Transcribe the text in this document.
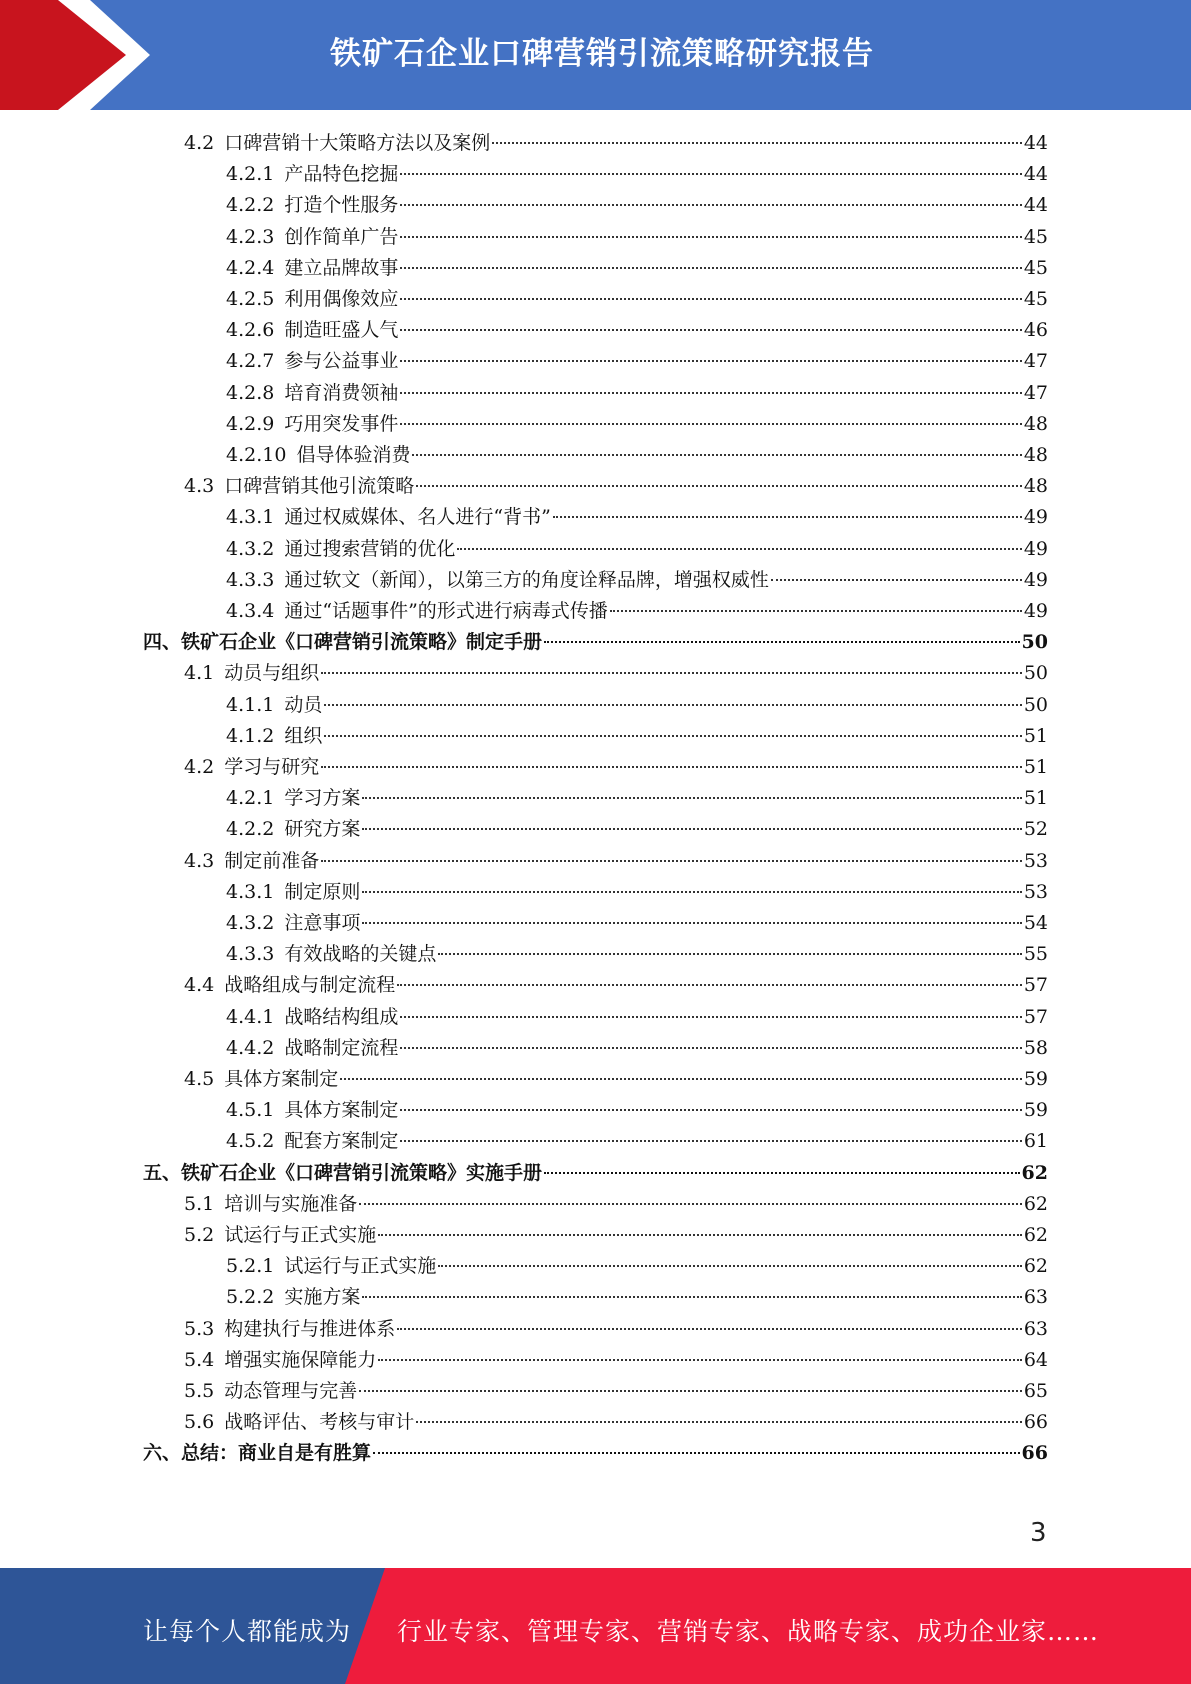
铁矿石企业口碑营销引流策略研究报告
4.2 口碑营销十大策略方法以及案例	44
4.2.1 产品特色挖掘	44
4.2.2 打造个性服务	44
4.2.3 创作简单广告	45
4.2.4 建立品牌故事	45
4.2.5 利用偶像效应	45
4.2.6 制造旺盛人气	46
4.2.7 参与公益事业	47
4.2.8 培育消费领袖	47
4.2.9 巧用突发事件	48
4.2.10 倡导体验消费	48
4.3 口碑营销其他引流策略	48
4.3.1 通过权威媒体、名人进行“背书”	49
4.3.2 通过搜索营销的优化	49
4.3.3 通过软文（新闻），以第三方的角度诠释品牌，增强权威性	49
4.3.4 通过“话题事件”的形式进行病毒式传播	49
四、铁矿石企业《口碑营销引流策略》制定手册	50
4.1 动员与组织	50
4.1.1 动员	50
4.1.2 组织	51
4.2 学习与研究	51
4.2.1 学习方案	51
4.2.2 研究方案	52
4.3 制定前准备	53
4.3.1 制定原则	53
4.3.2 注意事项	54
4.3.3 有效战略的关键点	55
4.4 战略组成与制定流程	57
4.4.1 战略结构组成	57
4.4.2 战略制定流程	58
4.5 具体方案制定	59
4.5.1 具体方案制定	59
4.5.2 配套方案制定	61
五、铁矿石企业《口碑营销引流策略》实施手册	62
5.1 培训与实施准备	62
5.2 试运行与正式实施	62
5.2.1 试运行与正式实施	62
5.2.2 实施方案	63
5.3 构建执行与推进体系	63
5.4 增强实施保障能力	64
5.5 动态管理与完善	65
5.6 战略评估、考核与审计	66
六、总结：商业自是有胜算	66
3
让每个人都能成为 行业专家、管理专家、营销专家、战略专家、成功企业家……
